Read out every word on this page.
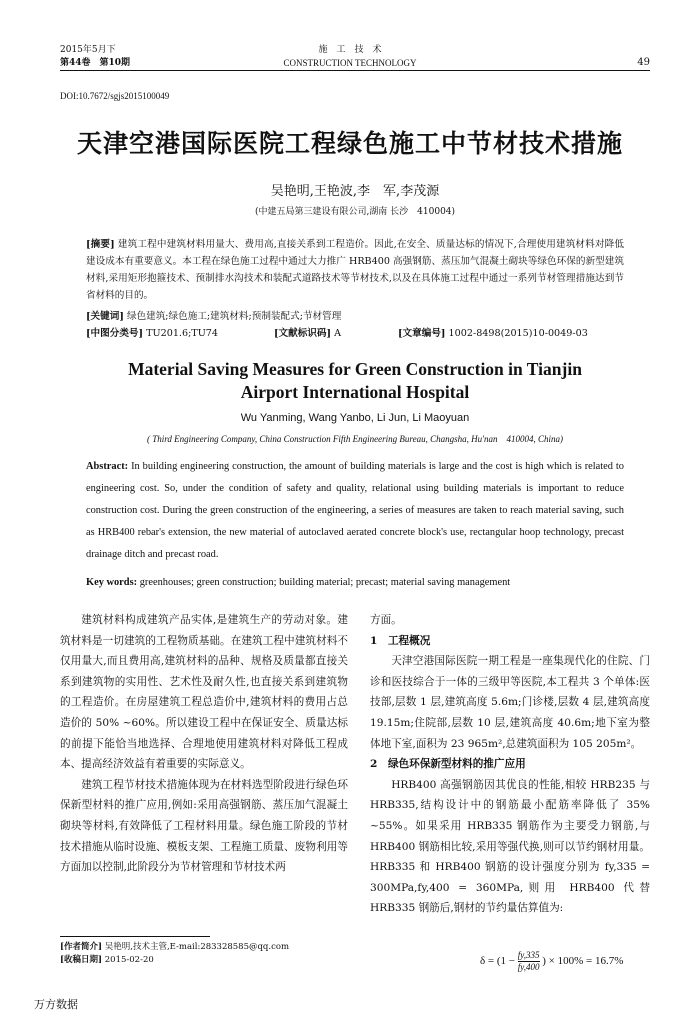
2015年5月下
第44卷　第10期
施　工　技　术
CONSTRUCTION TECHNOLOGY	49
DOI:10.7672/sgjs2015100049
天津空港国际医院工程绿色施工中节材技术措施
吴艳明,王艳波,李　军,李茂源
(中建五局第三建设有限公司,湖南 长沙　410004)
[摘要] 建筑工程中建筑材料用量大、费用高,直接关系到工程造价。因此,在安全、质量达标的情况下,合理使用建筑材料对降低建设成本有重要意义。本工程在绿色施工过程中通过大力推广 HRB400 高强钢筋、蒸压加气混凝土砌块等绿色环保的新型建筑材料,采用矩形抱箍技术、预制排水沟技术和装配式道路技术等节材技术,以及在具体施工过程中通过一系列节材管理措施达到节省材料的目的。
[关键词] 绿色建筑;绿色施工;建筑材料;预制装配式;节材管理
[中图分类号] TU201.6;TU74	[文献标识码] A	[文章编号] 1002-8498(2015)10-0049-03
Material Saving Measures for Green Construction in Tianjin
Airport International Hospital
Wu Yanming, Wang Yanbo, Li Jun, Li Maoyuan
( Third Engineering Company, China Construction Fifth Engineering Bureau, Changsha, Hu'nan　410004, China)
Abstract: In building engineering construction, the amount of building materials is large and the cost is high which is related to engineering cost. So, under the condition of safety and quality, relational using building materials is important to reduce construction cost. During the green construction of the engineering, a series of measures are taken to reach material saving, such as HRB400 rebar's extension, the new material of autoclaved aerated concrete block's use, rectangular hoop technology, precast drainage ditch and precast road.
Key words: greenhouses; green construction; building material; precast; material saving management

建筑材料构成建筑产品实体,是建筑生产的劳动对象。建筑材料是一切建筑的工程物质基础。在建筑工程中建筑材料不仅用量大,而且费用高,建筑材料的品种、规格及质量都直接关系到建筑物的实用性、艺术性及耐久性,也直接关系到建筑物的工程造价。在房屋建筑工程总造价中,建筑材料的费用占总造价的 50% ~60%。所以建设工程中在保证安全、质量达标的前提下能恰当地选择、合理地使用建筑材料对降低工程成本、提高经济效益有着重要的实际意义。

建筑工程节材技术措施体现为在材料选型阶段进行绿色环保新型材料的推广应用,例如:采用高强钢筋、蒸压加气混凝土砌块等材料,有效降低了工程材料用量。绿色施工阶段的节材技术措施从临时设施、模板支架、工程施工质量、废物利用等方面加以控制,此阶段分为节材管理和节材技术两

方面。
1　工程概况

天津空港国际医院一期工程是一座集现代化的住院、门诊和医技综合于一体的三级甲等医院,本工程共 3 个单体:医技部,层数 1 层,建筑高度 5.6m;门诊楼,层数 4 层,建筑高度 19.15m;住院部,层数 10 层,建筑高度 40.6m;地下室为整体地下室,面积为 23 965m²,总建筑面积为 105 205m²。

2　绿色环保新型材料的推广应用

HRB400 高强钢筋因其优良的性能,相较 HRB235 与 HRB335,结构设计中的钢筋最小配筋率降低了 35% ~55%。如果采用 HRB335 钢筋作为主要受力钢筋,与 HRB400 钢筋相比较,采用等强代换,则可以节约钢材用量。HRB335 和 HRB400 钢筋的设计强度分别为 fy,335 = 300MPa,fy,400 = 360MPa,则用 HRB400 代替 HRB335 钢筋后,钢材的节约量估算值为:

$\delta = (1 - \frac{fy,335}{fy,400}$ ) × 100% = 16.7%
[作者简介] 吴艳明,技术主管,E-mail:283328585@qq.com
[收稿日期] 2015-02-20
万方数据
